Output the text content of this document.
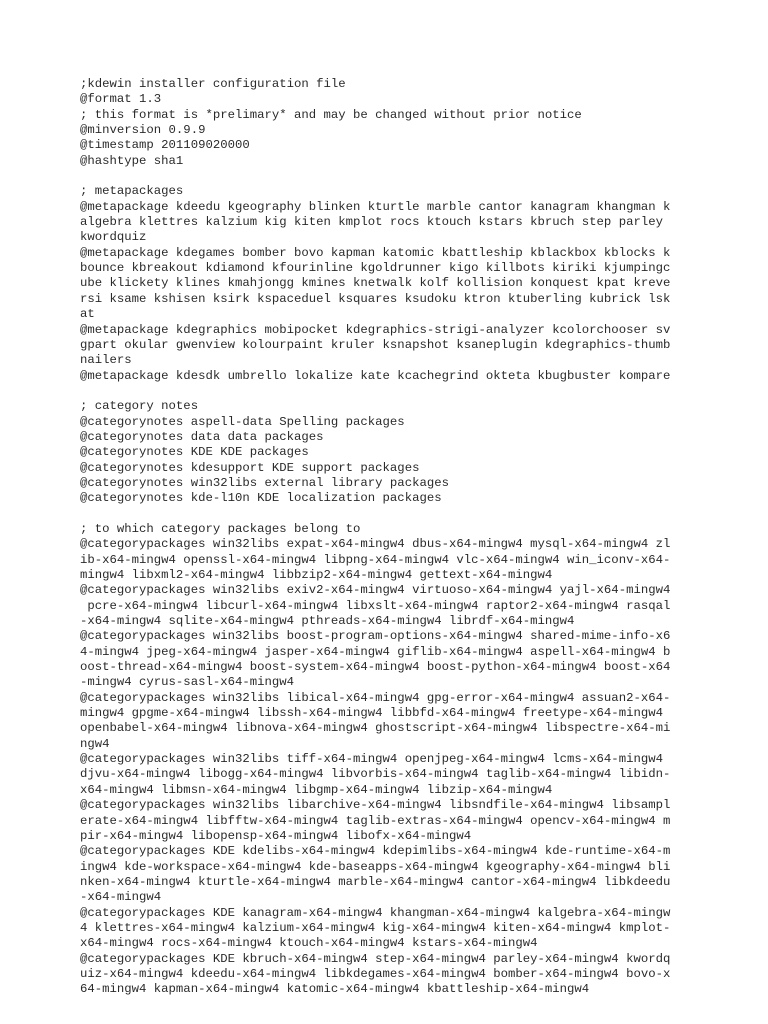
;kdewin installer configuration file
@format 1.3
; this format is *prelimary* and may be changed without prior notice
@minversion 0.9.9
@timestamp 201109020000
@hashtype sha1
; metapackages
@metapackage kdeedu kgeography blinken kturtle marble cantor kanagram khangman k
algebra klettres kalzium kig kiten kmplot rocs ktouch kstars kbruch step parley
kwordquiz
@metapackage kdegames bomber bovo kapman katomic kbattleship kblackbox kblocks k
bounce kbreakout kdiamond kfourinline kgoldrunner kigo killbots kiriki kjumpingc
ube klickety klines kmahjongg kmines knetwalk kolf kollision konquest kpat kreve
rsi ksame kshisen ksirk kspaceduel ksquares ksudoku ktron ktuberling kubrick lsk
at
@metapackage kdegraphics mobipocket kdegraphics-strigi-analyzer kcolorchooser sv
gpart okular gwenview kolourpaint kruler ksnapshot ksaneplugin kdegraphics-thumb
nailers
@metapackage kdesdk umbrello lokalize kate kcachegrind okteta kbugbuster kompare
; category notes
@categorynotes aspell-data Spelling packages
@categorynotes data data packages
@categorynotes KDE KDE packages
@categorynotes kdesupport KDE support packages
@categorynotes win32libs external library packages
@categorynotes kde-l10n KDE localization packages
; to which category packages belong to
@categorypackages win32libs expat-x64-mingw4 dbus-x64-mingw4 mysql-x64-mingw4 zl
ib-x64-mingw4 openssl-x64-mingw4 libpng-x64-mingw4 vlc-x64-mingw4 win_iconv-x64-
mingw4 libxml2-x64-mingw4 libbzip2-x64-mingw4 gettext-x64-mingw4
@categorypackages win32libs exiv2-x64-mingw4 virtuoso-x64-mingw4 yajl-x64-mingw4
pcre-x64-mingw4 libcurl-x64-mingw4 libxslt-x64-mingw4 raptor2-x64-mingw4 rasqal
-x64-mingw4 sqlite-x64-mingw4 pthreads-x64-mingw4 librdf-x64-mingw4
@categorypackages win32libs boost-program-options-x64-mingw4 shared-mime-info-x6
4-mingw4 jpeg-x64-mingw4 jasper-x64-mingw4 giflib-x64-mingw4 aspell-x64-mingw4 b
oost-thread-x64-mingw4 boost-system-x64-mingw4 boost-python-x64-mingw4 boost-x64
-mingw4 cyrus-sasl-x64-mingw4
@categorypackages win32libs libical-x64-mingw4 gpg-error-x64-mingw4 assuan2-x64-
mingw4 gpgme-x64-mingw4 libssh-x64-mingw4 libbfd-x64-mingw4 freetype-x64-mingw4
openbabel-x64-mingw4 libnova-x64-mingw4 ghostscript-x64-mingw4 libspectre-x64-mi
ngw4
@categorypackages win32libs tiff-x64-mingw4 openjpeg-x64-mingw4 lcms-x64-mingw4
djvu-x64-mingw4 libogg-x64-mingw4 libvorbis-x64-mingw4 taglib-x64-mingw4 libidn-
x64-mingw4 libmsn-x64-mingw4 libgmp-x64-mingw4 libzip-x64-mingw4
@categorypackages win32libs libarchive-x64-mingw4 libsndfile-x64-mingw4 libsampl
erate-x64-mingw4 libfftw-x64-mingw4 taglib-extras-x64-mingw4 opencv-x64-mingw4 m
pir-x64-mingw4 libopensp-x64-mingw4 libofx-x64-mingw4
@categorypackages KDE kdelibs-x64-mingw4 kdepimlibs-x64-mingw4 kde-runtime-x64-m
ingw4 kde-workspace-x64-mingw4 kde-baseapps-x64-mingw4 kgeography-x64-mingw4 bli
nken-x64-mingw4 kturtle-x64-mingw4 marble-x64-mingw4 cantor-x64-mingw4 libkdeedu
-x64-mingw4
@categorypackages KDE kanagram-x64-mingw4 khangman-x64-mingw4 kalgebra-x64-mingw
4 klettres-x64-mingw4 kalzium-x64-mingw4 kig-x64-mingw4 kiten-x64-mingw4 kmplot-
x64-mingw4 rocs-x64-mingw4 ktouch-x64-mingw4 kstars-x64-mingw4
@categorypackages KDE kbruch-x64-mingw4 step-x64-mingw4 parley-x64-mingw4 kwordq
uiz-x64-mingw4 kdeedu-x64-mingw4 libkdegames-x64-mingw4 bomber-x64-mingw4 bovo-x
64-mingw4 kapman-x64-mingw4 katomic-x64-mingw4 kbattleship-x64-mingw4
